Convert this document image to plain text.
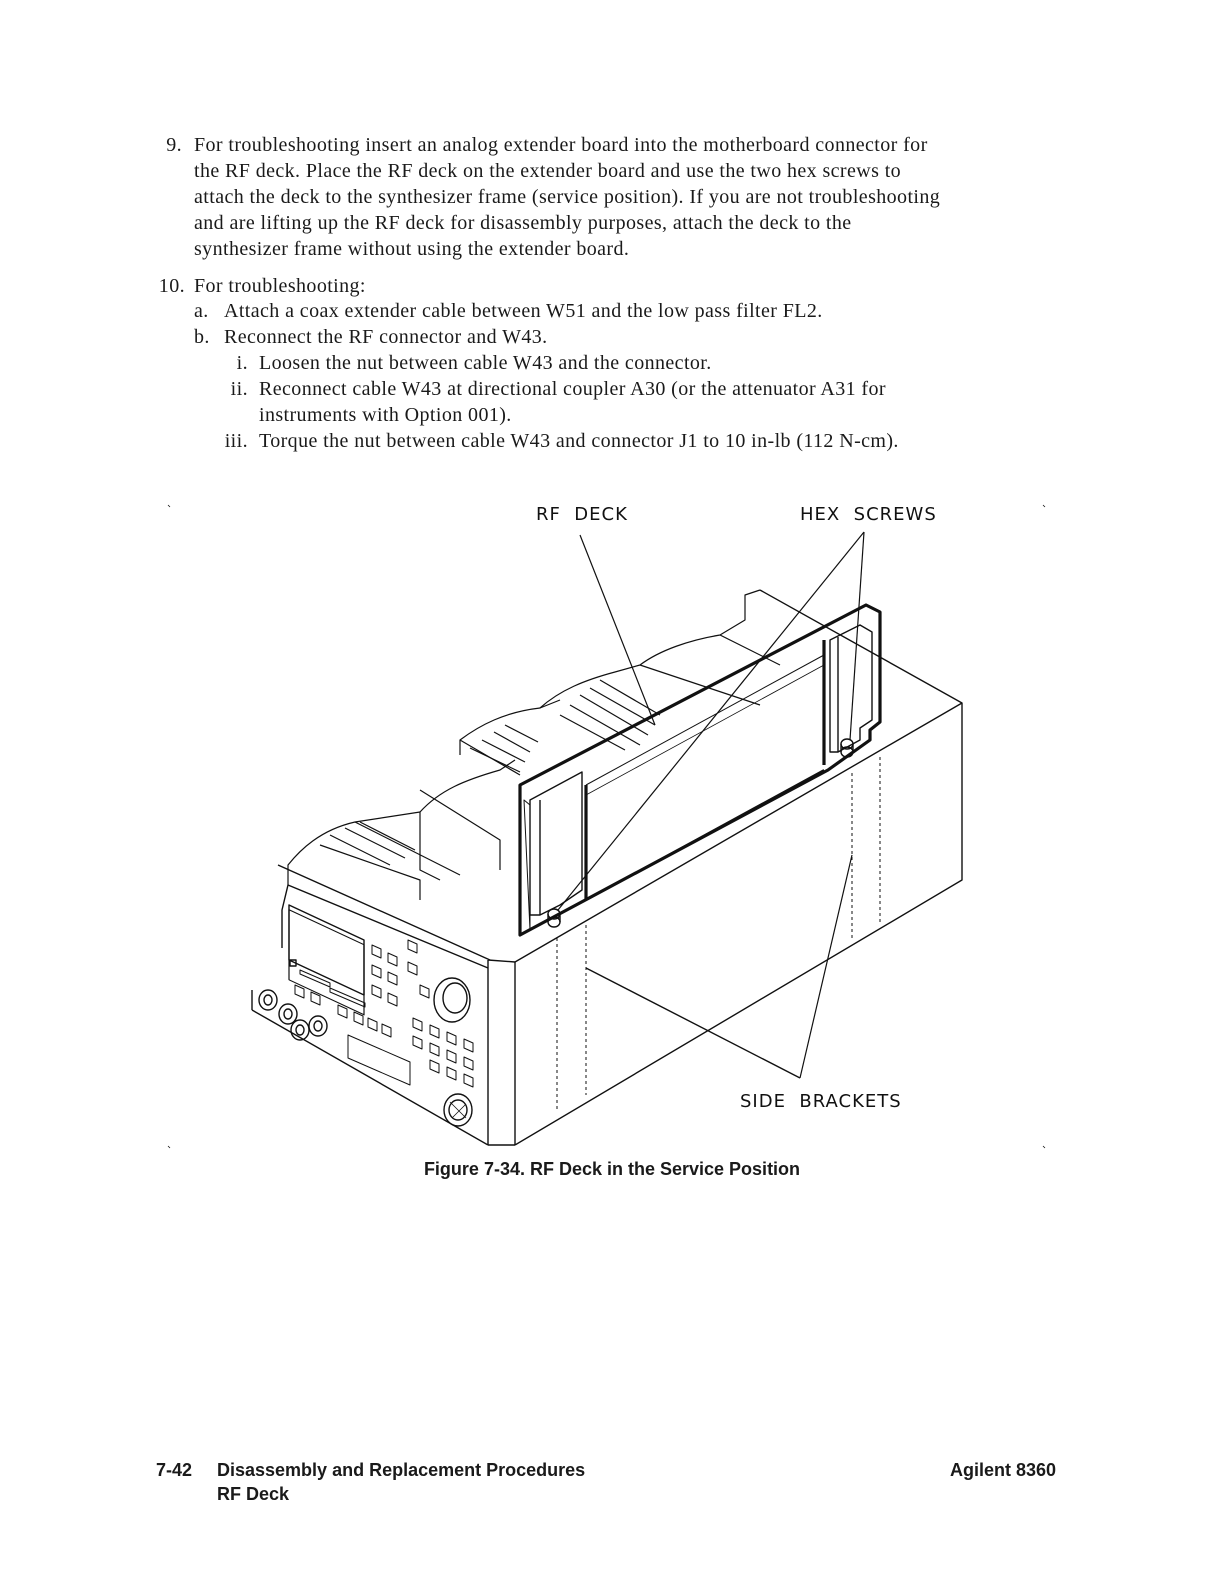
9. For troubleshooting insert an analog extender board into the motherboard connector for
the RF deck. Place the RF deck on the extender board and use the two hex screws to
attach the deck to the synthesizer frame (service position). If you are not troubleshooting
and are lifting up the RF deck for disassembly purposes, attach the deck to the
synthesizer frame without using the extender board.
10. For troubleshooting:
a. Attach a coax extender cable between W51 and the low pass filter FL2.
b. Reconnect the RF connector and W43.
i. Loosen the nut between cable W43 and the connector.
ii. Reconnect cable W43 at directional coupler A30 (or the attenuator A31 for
instruments with Option 001).
iii. Torque the nut between cable W43 and connector J1 to 10 in-lb (112 N-cm).
RF  DECK	HEX  SCREWS
SIDE  BRACKETS
Figure 7-34. RF Deck in the Service Position
7-42 Disassembly and Replacement Procedures
RF Deck
Agilent 8360
